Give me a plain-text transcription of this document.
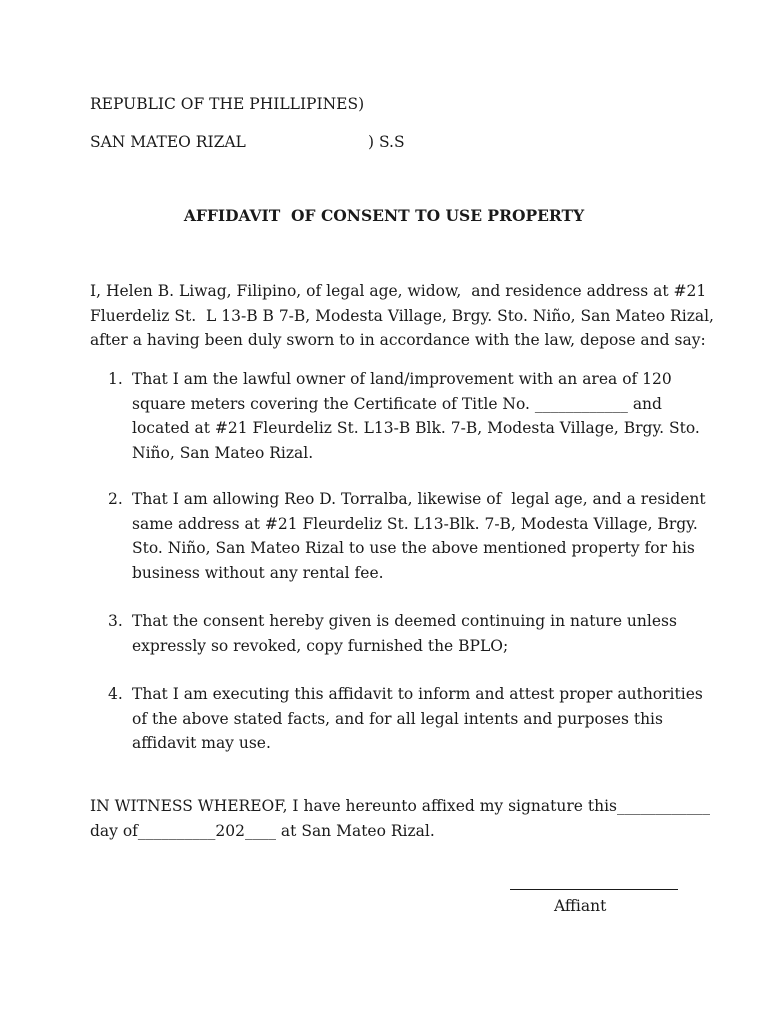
REPUBLIC OF THE PHILLIPINES)
SAN MATEO RIZAL	) S.S
AFFIDAVIT  OF CONSENT TO USE PROPERTY
I, Helen B. Liwag, Filipino, of legal age, widow,  and residence address at #21
Fluerdeliz St.  L 13-B B 7-B, Modesta Village, Brgy. Sto. Niño, San Mateo Rizal,
after a having been duly sworn to in accordance with the law, depose and say:
1. That I am the lawful owner of land/improvement with an area of 120
square meters covering the Certificate of Title No. ____________ and
located at #21 Fleurdeliz St. L13-B Blk. 7-B, Modesta Village, Brgy. Sto.
Niño, San Mateo Rizal.
2. That I am allowing Reo D. Torralba, likewise of  legal age, and a resident
same address at #21 Fleurdeliz St. L13-Blk. 7-B, Modesta Village, Brgy.
Sto. Niño, San Mateo Rizal to use the above mentioned property for his
business without any rental fee.
3. That the consent hereby given is deemed continuing in nature unless
expressly so revoked, copy furnished the BPLO;
4. That I am executing this affidavit to inform and attest proper authorities
of the above stated facts, and for all legal intents and purposes this
affidavit may use.
IN WITNESS WHEREOF, I have hereunto affixed my signature this____________
day of__________202____ at San Mateo Rizal.
Affiant
